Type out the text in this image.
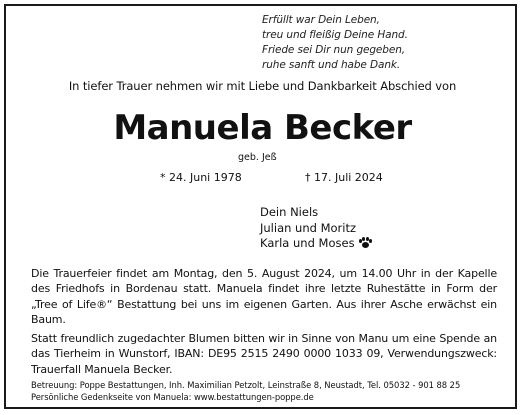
Erfüllt war Dein Leben,
treu und fleißig Deine Hand.
Friede sei Dir nun gegeben,
ruhe sanft und habe Dank.
In tiefer Trauer nehmen wir mit Liebe und Dankbarkeit Abschied von
Manuela Becker
geb. Jeß
* 24. Juni 1978	† 17. Juli 2024
Dein Niels
Julian und Moritz
Karla und Moses
Die Trauerfeier findet am Montag, den 5. August 2024, um 14.00 Uhr in der Kapelle des Friedhofs in Bordenau statt. Manuela findet ihre letzte Ruhestätte in Form der „Tree of Life®“ Bestattung bei uns im eigenen Garten. Aus ihrer Asche erwächst ein Baum.
Statt freundlich zugedachter Blumen bitten wir in Sinne von Manu um eine Spende an das Tierheim in Wunstorf, IBAN: DE95 2515 2490 0000 1033 09, Verwendungszweck: Trauerfall Manuela Becker.
Betreuung: Poppe Bestattungen, Inh. Maximilian Petzolt, Leinstraße 8, Neustadt, Tel. 05032 - 901 88 25
Persönliche Gedenkseite von Manuela: www.bestattungen-poppe.de
